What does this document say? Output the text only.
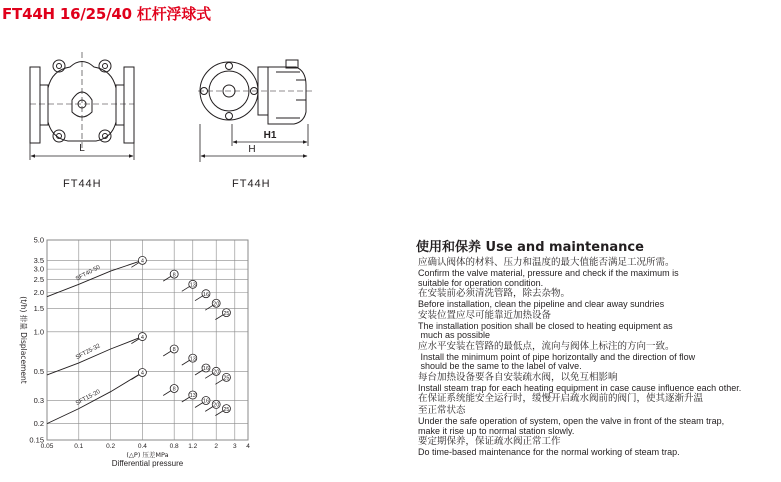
FT44H 16/25/40 杠杆浮球式
L
H1
H
0.05	0.1	0.2	0.4	0.8 1.2	2 3 4
5.0
3.5
3.0
2.5
2.0
1.5
1.0
0.5
0.3
0.2
0.15
SFT40-50
SFT25-32
SFT15-20
4
8
13
16
20
25
4
8
13
16
20
25
4
8
13
16
20
25
(△P) 压差MPa
Differential pressure
(t/h) 排量 Displacement
FT44H	FT44H
使用和保养 Use and maintenance
应确认阀体的材料、压力和温度的最大值能否满足工况所需。
Confirm the valve material, pressure and check if the maximum is
suitable for operation condition.
在安装前必须清洗管路，除去杂物。
Before installation, clean the pipeline and clear away sundries
安装位置应尽可能靠近加热设备
The installation position shall be closed to heating equipment as
much as possible
应水平安装在管路的最低点，流向与阀体上标注的方向一致。
Install the minimum point of pipe horizontally and the direction of flow
should be the same to the label of valve.
每台加热设备要各自安装疏水阀，以免互相影响
Install steam trap for each heating equipment in case cause influence each other.
在保证系统能安全运行时，缓慢开启疏水阀前的阀门，使其逐渐升温
至正常状态
Under the safe operation of system, open the valve in front of the steam trap,
make it rise up to normal station slowly.
要定期保养，保证疏水阀正常工作
Do time-based maintenance for the normal working of steam trap.
